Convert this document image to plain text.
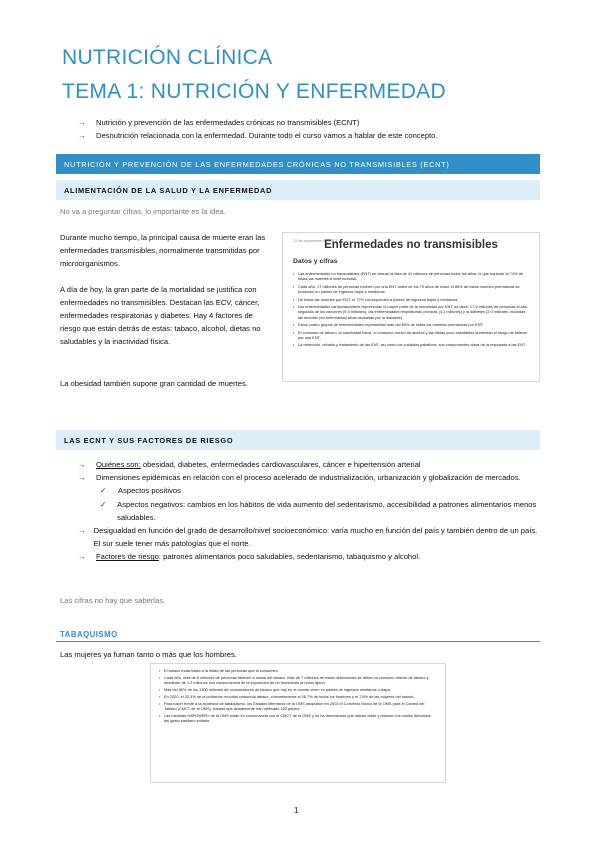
NUTRICIÓN CLÍNICA
TEMA 1: NUTRICIÓN Y ENFERMEDAD
→	Nutrición y prevención de las enfermedades crónicas no transmisibles (ECNT)
→	Desnutrición relacionada con la enfermedad. Durante todo el curso vamos a hablar de este concepto.
NUTRICIÓN Y PREVENCIÓN DE LAS ENFERMEDADES CRÓNICAS NO TRANSMISIBLES (ECNT)
ALIMENTACIÓN DE LA SALUD Y LA ENFERMEDAD
No va a preguntar cifras, lo importante es la idea.
Durante mucho tiempo, la principal causa de muerte eran las enfermedades transmisibles, normalmente transmitidas por microorganismos.
A día de hoy, la gran parte de la mortalidad se justifica con enfermedades no transmisibles. Destacan las ECV, cáncer, enfermedades respiratorias y diabetes. Hay 4 factores de riesgo que están detrás de estas: tabaco, alcohol, dietas no saludables y la inactividad física.
La obesidad también supone gran cantidad de muertes.
13 de septiembre de 2022
Enfermedades no transmisibles
Datos y cifras
• Las enfermedades no transmisibles (ENT) se cobran la vida de 41 millones de personas todos los años, lo que equivale al 74% de todas las muertes a nivel mundial.
• Cada año, 17 millones de personas mueren por una ENT antes de los 70 años de edad; el 86% de estas muertes prematuras se producen en países de ingresos bajos y medianos.
• De todas las muertes por ENT, el 77% corresponden a países de ingresos bajos y medianos.
• Las enfermedades cardiovasculares representan la mayor parte de la mortalidad por ENT, es decir, 17,9 millones de personas al año, seguidas de los cánceres (9,3 millones), las enfermedades respiratorias crónicas (4,1 millones) y la diabetes (2,0 millones, incluidas las muertes por enfermedad renal causadas por la diabetes).
• Estos cuatro grupos de enfermedades representan más del 80% de todas las muertes prematuras por ENT.
• El consumo de tabaco, la inactividad física, el consumo nocivo de alcohol y las dietas poco saludables aumentan el riesgo de fallecer por una ENT.
• La detección, cribado y tratamiento de las ENT, así como los cuidados paliativos, son componentes clave de la respuesta a las ENT.
LAS ECNT Y SUS FACTORES DE RIESGO
→	Quiénes son: obesidad, diabetes, enfermedades cardiovasculares, cáncer e hipertensión arterial
→	Dimensiones epidémicas en relación con el proceso acelerado de industrialización, urbanización y globalización de mercados.
✓	Aspectos positivos
✓	Aspectos negativos: cambios en los hábitos de vida aumento del sedentarismo, accesibilidad a patrones alimentarios menos saludables.
→ Desigualdad en función del grado de desarrollo/nivel socioeconómico: varía mucho en función del país y también dentro de un país. El sur suele tener más patologías que el norte.
→	Factores de riesgo: patrones alimentarios poco saludables, sedentarismo, tabaquismo y alcohol.
Las cifras no hay que saberlas.
TABAQUISMO
Las mujeres ya fuman tanto o más que los hombres.
• El tabaco mata hasta a la mitad de las personas que lo consumen.
• Cada año, más de 8 millones de personas fallecen a causa del tabaco. Más de 7 millones de estas defunciones se deben al consumo directo de tabaco y alrededor de 1,2 millones son consecuencia de la exposición de no fumadores al humo ajeno.
• Más del 80% de los 1300 millones de consumidores de tabaco que hay en el mundo viven en países de ingresos medianos o bajos.
• En 2020, el 22,3% de la población mundial consumía tabaco, concretamente el 36,7% de todos los hombres y el 7,8% de las mujeres del mundo.
• Para hacer frente a la epidemia de tabaquismo, los Estados Miembros de la OMS adoptaron en 2003 el Convenio Marco de la OMS para el Control del Tabaco (CMCT de la OMS), tratado que actualmente han ratificado 182 países.
• Las medidas «MPOWER» de la OMS están en consonancia con el CMCT de la OMS y se ha demostrado que salvan vidas y reducen los costos derivados del gasto sanitario evitado.
1
